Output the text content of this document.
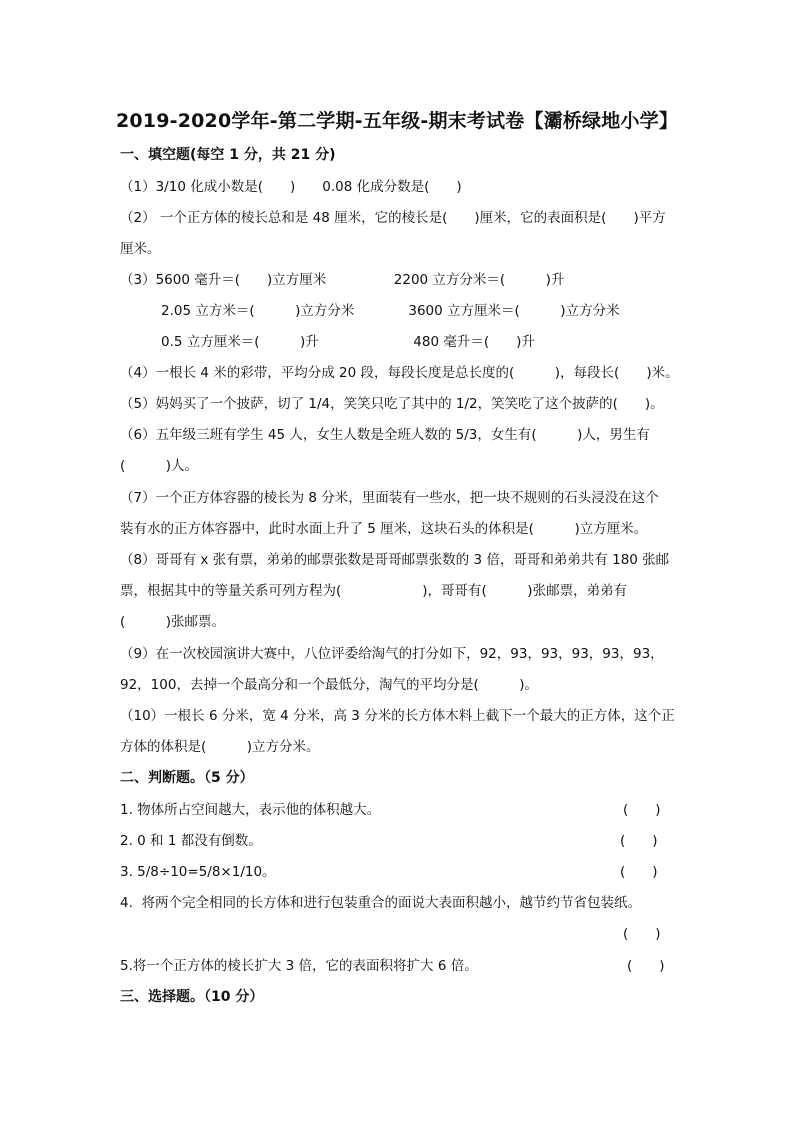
2019-2020学年-第二学期-五年级-期末考试卷【灞桥绿地小学】
一、填空题(每空 1 分，共 21 分)
（1）3/10 化成小数是(　　)　　0.08 化成分数是(　　)
（2） 一个正方体的棱长总和是 48 厘米，它的棱长是(　　)厘米，它的表面积是(　　)平方
厘米。
（3）5600 毫升＝(　　)立方厘米　　　　　2200 立方分米＝(　　　)升
2.05 立方米＝(　　　)立方分米　　　　3600 立方厘米＝(　　　)立方分米
0.5 立方厘米＝(　　　)升　　　　　　　480 毫升＝(　　)升
（4）一根长 4 米的彩带，平均分成 20 段，每段长度是总长度的(　　　)，每段长(　　)米。
（5）妈妈买了一个披萨，切了 1/4，笑笑只吃了其中的 1/2，笑笑吃了这个披萨的(　　)。
（6）五年级三班有学生 45 人，女生人数是全班人数的 5/3，女生有(　　　)人，男生有
(　　　)人。
（7）一个正方体容器的棱长为 8 分米，里面装有一些水，把一块不规则的石头浸没在这个
装有水的正方体容器中，此时水面上升了 5 厘米，这块石头的体积是(　　　)立方厘米。
（8）哥哥有 x 张有票，弟弟的邮票张数是哥哥邮票张数的 3 倍，哥哥和弟弟共有 180 张邮
票，根据其中的等量关系可列方程为(　　　　　　)，哥哥有(　　　)张邮票，弟弟有
(　　　)张邮票。
（9）在一次校园演讲大赛中，八位评委给淘气的打分如下，92，93，93，93，93，93，
92，100，去掉一个最高分和一个最低分，淘气的平均分是(　　　)。
（10）一根长 6 分米，宽 4 分米，高 3 分米的长方体木料上截下一个最大的正方体，这个正
方体的体积是(　　　)立方分米。
二、判断题。（5 分）
1. 物体所占空间越大，表示他的体积越大。	(　　)
2. 0 和 1 都没有倒数。	(　　)
3. 5/8÷10=5/8×1/10。	(　　)
4.  将两个完全相同的长方体和进行包装重合的面说大表面积越小，越节约节省包装纸。
(　　)
5.将一个正方体的棱长扩大 3 倍，它的表面积将扩大 6 倍。	(　　)
三、选择题。（10 分）
